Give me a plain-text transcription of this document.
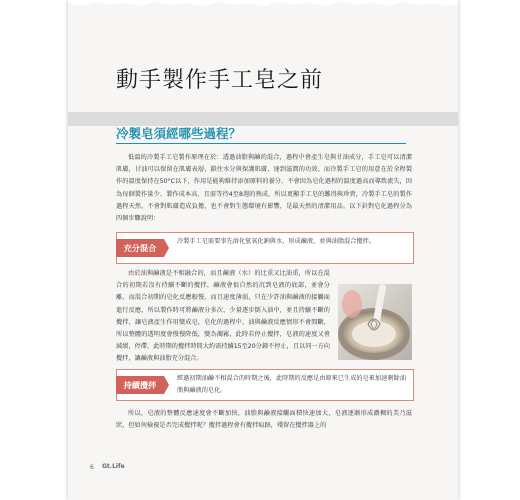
動手製作手工皂之前
冷製皂須經哪些過程？

低溫的冷製手工皂製作原理在於：透過油脂與鹼的混合，過程中會產生皂與甘油成分，手工皂可以清潔肌膚，甘油可以保留在肌膚表層，鎖住水分與保護肌膚，達到滋潤的功效。而冷製手工皂的用意在於全程製作的溫度保持在50°C以下，作用是能夠維持添加原料的養分，不會因為皂化過程的溫度過高而導致流失，因為每個製作量少、製作成本高，且需等待4至8週的熟成，所以更顯手工皂的難得與珍貴，冷製手工皂的製作過程天然，不會對肌膚造成負擔，也不會對生態環境有影響，是最天然的清潔用品。以下針對皂化過程分為四個步驟說明：

充分混合
冷製手工皂需要事先溶化氫氧化鈉與水，形成鹼液，並與油脂混合攪拌。

由於油與鹼液是不相融合的，而且鹼液（水）的比重又比油重，所以在混合的初期若沒有持續不斷的攪拌，鹼液會很自然的沉到皂液的底部，並會分離，而混合初期的皂化反應較慢，而且速度薄弱，只在少許油與鹼液的接觸面進行反應，所以製作時可將鹼液分多次、少量逐步倒入油中，並且持續不斷的攪拌，讓皂液產生作用變成皂，皂化的過程中，油與鹼液反應情形不會間斷，所以整體的透明度會慢慢降低，變為濁霧，此時若停止攪拌，皂液的速度又會減緩，停滯，此時期的攪拌時間大約需持續15至20分鐘不停止，且以同一方向攪拌，讓鹼液與油脂充分混合。

持續攪拌
經過初期油鹼不相混合的時期之後，此時期的反應是由原來已生成的皂來加速剩餘油脂與鹼液的皂化。

所以，皂液的整體反應速度會不斷加快，油脂與鹼液接觸面積快速加大，皂液逐漸形成濃稠的美乃滋狀，但如何檢視是否完成攪拌呢？攪拌過程會有攪拌痕跡，殘留在攪拌器上的

6 Gt.Life
